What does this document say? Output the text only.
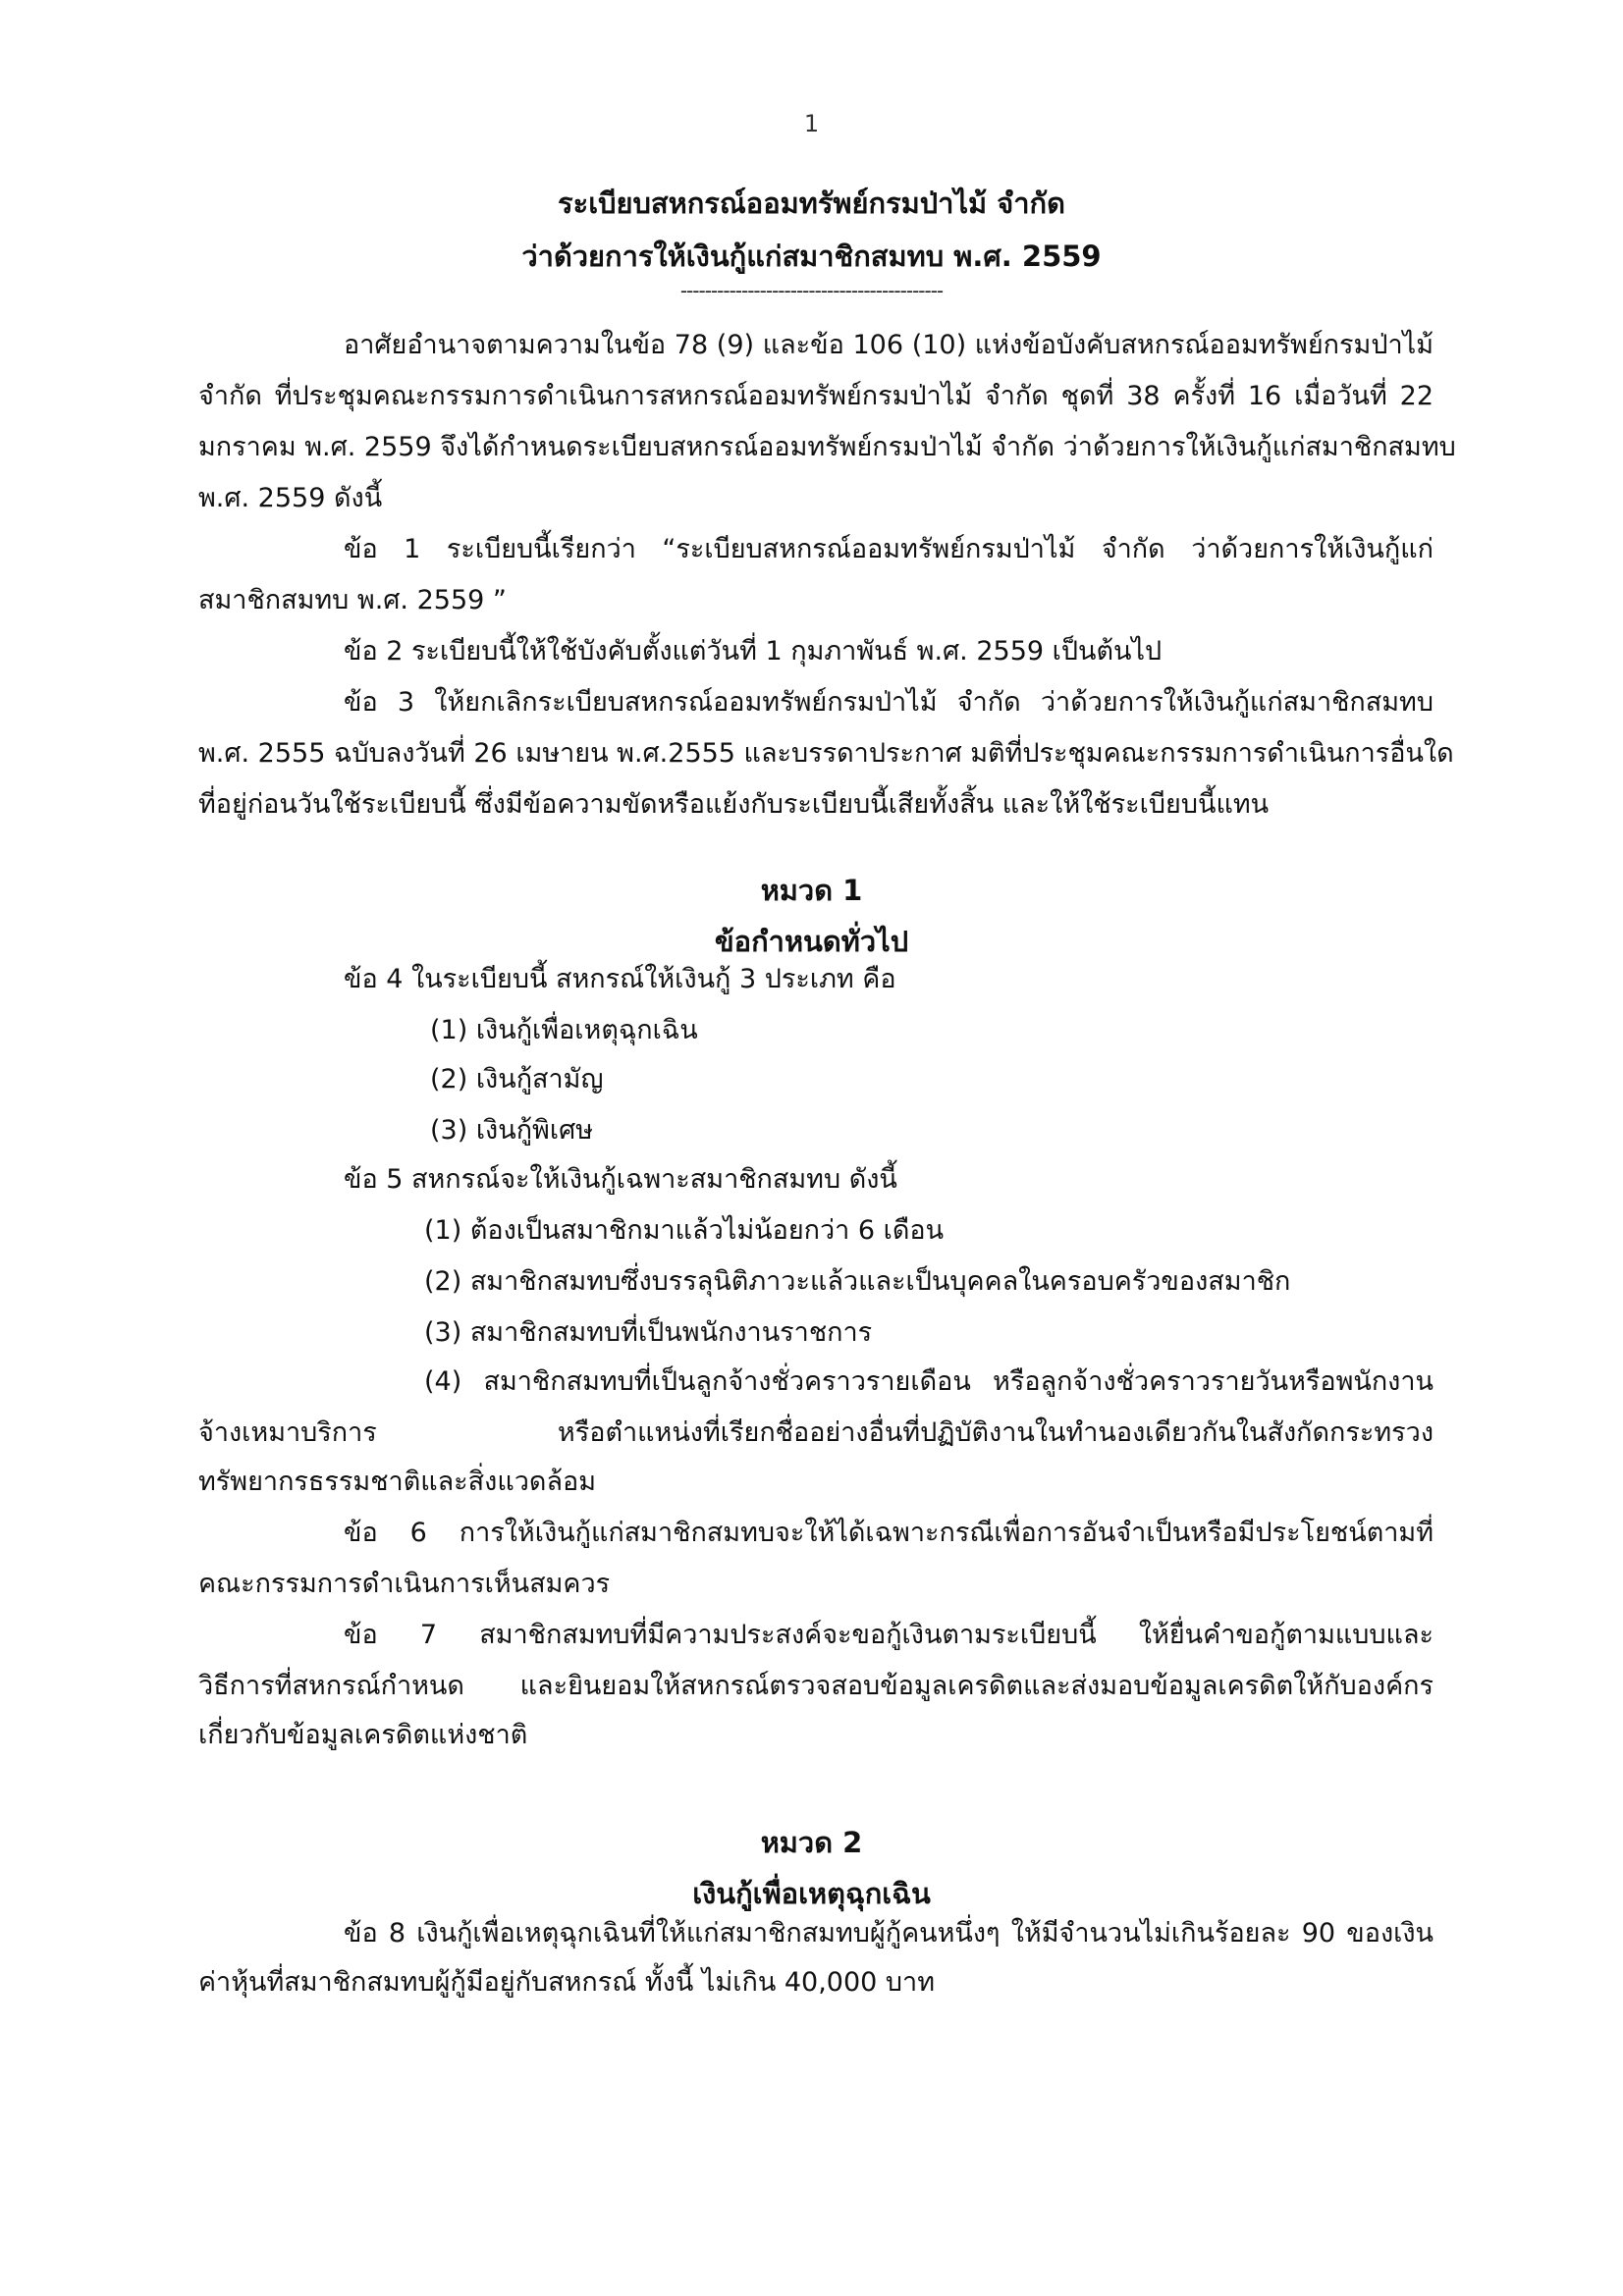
1
ระเบียบสหกรณ์ออมทรัพย์กรมป่าไม้ จำกัด
ว่าด้วยการให้เงินกู้แก่สมาชิกสมทบ พ.ศ. 2559
-------------------------------------------
อาศัยอำนาจตามความในข้อ 78 (9) และข้อ 106 (10) แห่งข้อบังคับสหกรณ์ออมทรัพย์กรมป่าไม้
จำกัด ที่ประชุมคณะกรรมการดำเนินการสหกรณ์ออมทรัพย์กรมป่าไม้ จำกัด ชุดที่ 38 ครั้งที่ 16 เมื่อวันที่ 22
มกราคม พ.ศ. 2559 จึงได้กำหนดระเบียบสหกรณ์ออมทรัพย์กรมป่าไม้ จำกัด ว่าด้วยการให้เงินกู้แก่สมาชิกสมทบ
พ.ศ. 2559 ดังนี้
ข้อ 1 ระเบียบนี้เรียกว่า “ระเบียบสหกรณ์ออมทรัพย์กรมป่าไม้ จำกัด ว่าด้วยการให้เงินกู้แก่
สมาชิกสมทบ พ.ศ. 2559 ”
ข้อ 2 ระเบียบนี้ให้ใช้บังคับตั้งแต่วันที่ 1 กุมภาพันธ์ พ.ศ. 2559 เป็นต้นไป
ข้อ 3 ให้ยกเลิกระเบียบสหกรณ์ออมทรัพย์กรมป่าไม้ จำกัด ว่าด้วยการให้เงินกู้แก่สมาชิกสมทบ
พ.ศ. 2555 ฉบับลงวันที่ 26 เมษายน พ.ศ.2555 และบรรดาประกาศ มติที่ประชุมคณะกรรมการดำเนินการอื่นใด
ที่อยู่ก่อนวันใช้ระเบียบนี้ ซึ่งมีข้อความขัดหรือแย้งกับระเบียบนี้เสียทั้งสิ้น และให้ใช้ระเบียบนี้แทน
หมวด 1
ข้อกำหนดทั่วไป
ข้อ 4 ในระเบียบนี้ สหกรณ์ให้เงินกู้ 3 ประเภท คือ
(1) เงินกู้เพื่อเหตุฉุกเฉิน
(2) เงินกู้สามัญ
(3) เงินกู้พิเศษ
ข้อ 5 สหกรณ์จะให้เงินกู้เฉพาะสมาชิกสมทบ ดังนี้
(1) ต้องเป็นสมาชิกมาแล้วไม่น้อยกว่า 6 เดือน
(2) สมาชิกสมทบซึ่งบรรลุนิติภาวะแล้วและเป็นบุคคลในครอบครัวของสมาชิก
(3) สมาชิกสมทบที่เป็นพนักงานราชการ
(4) สมาชิกสมทบที่เป็นลูกจ้างชั่วคราวรายเดือน หรือลูกจ้างชั่วคราวรายวันหรือพนักงาน
จ้างเหมาบริการ หรือตำแหน่งที่เรียกชื่ออย่างอื่นที่ปฏิบัติงานในทำนองเดียวกันในสังกัดกระทรวง
ทรัพยากรธรรมชาติและสิ่งแวดล้อม
ข้อ 6 การให้เงินกู้แก่สมาชิกสมทบจะให้ได้เฉพาะกรณีเพื่อการอันจำเป็นหรือมีประโยชน์ตามที่
คณะกรรมการดำเนินการเห็นสมควร
ข้อ 7 สมาชิกสมทบที่มีความประสงค์จะขอกู้เงินตามระเบียบนี้ ให้ยื่นคำขอกู้ตามแบบและ
วิธีการที่สหกรณ์กำหนด และยินยอมให้สหกรณ์ตรวจสอบข้อมูลเครดิตและส่งมอบข้อมูลเครดิตให้กับองค์กร
เกี่ยวกับข้อมูลเครดิตแห่งชาติ
หมวด 2
เงินกู้เพื่อเหตุฉุกเฉิน
ข้อ 8 เงินกู้เพื่อเหตุฉุกเฉินที่ให้แก่สมาชิกสมทบผู้กู้คนหนึ่งๆ ให้มีจำนวนไม่เกินร้อยละ 90 ของเงิน
ค่าหุ้นที่สมาชิกสมทบผู้กู้มีอยู่กับสหกรณ์ ทั้งนี้ ไม่เกิน 40,000 บาท
